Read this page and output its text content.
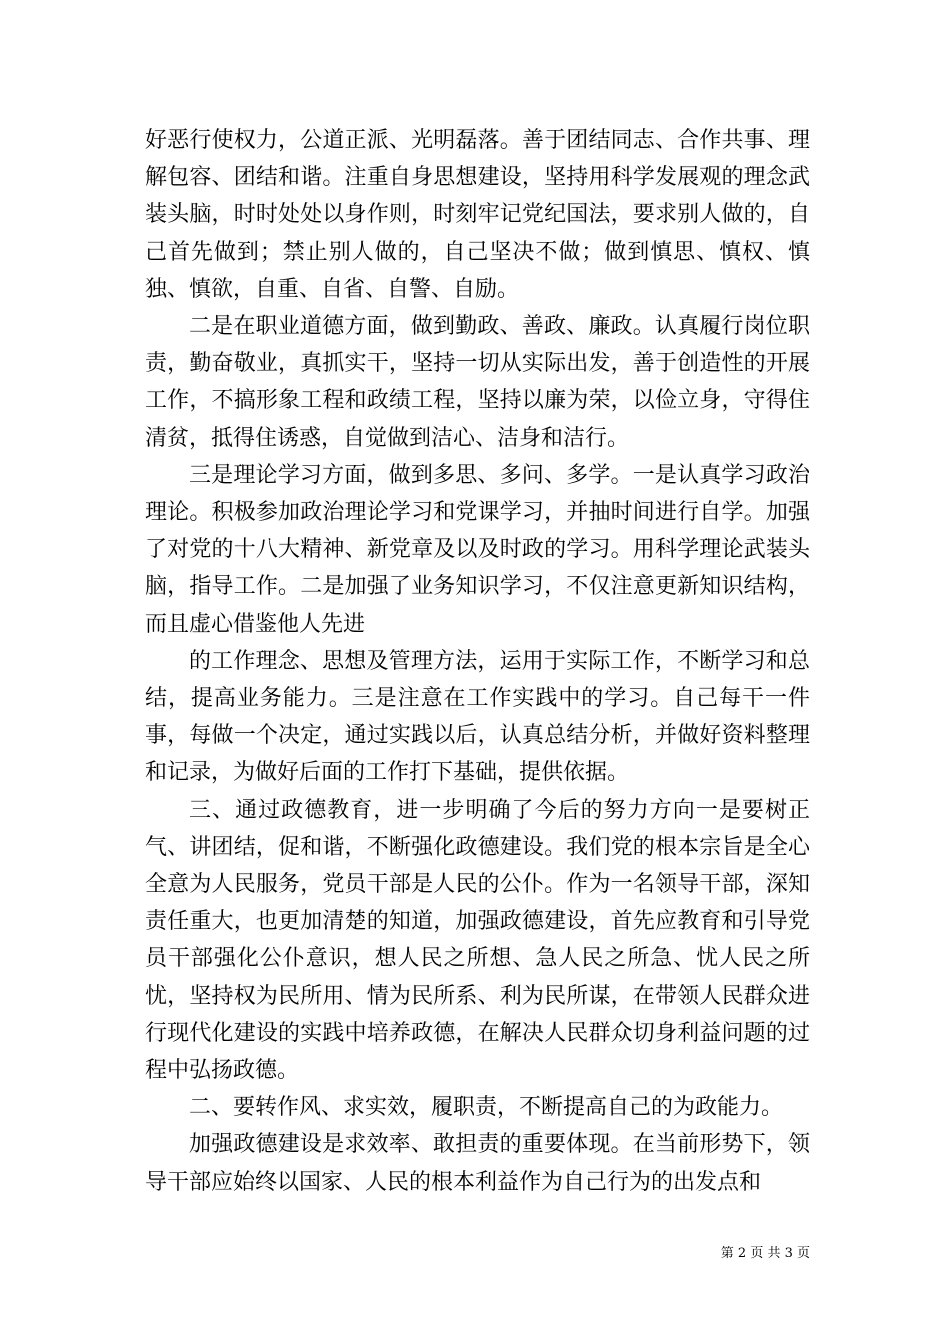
好恶行使权力，公道正派、光明磊落。善于团结同志、合作共事、理解包容、团结和谐。注重自身思想建设，坚持用科学发展观的理念武装头脑，时时处处以身作则，时刻牢记党纪国法，要求别人做的，自己首先做到；禁止别人做的，自己坚决不做；做到慎思、慎权、慎独、慎欲，自重、自省、自警、自励。

二是在职业道德方面，做到勤政、善政、廉政。认真履行岗位职责，勤奋敬业，真抓实干，坚持一切从实际出发，善于创造性的开展工作，不搞形象工程和政绩工程，坚持以廉为荣，以俭立身，守得住清贫，抵得住诱惑，自觉做到洁心、洁身和洁行。

三是理论学习方面，做到多思、多问、多学。一是认真学习政治理论。积极参加政治理论学习和党课学习，并抽时间进行自学。加强了对党的十八大精神、新党章及以及时政的学习。用科学理论武装头脑，指导工作。二是加强了业务知识学习，不仅注意更新知识结构，而且虚心借鉴他人先进

的工作理念、思想及管理方法，运用于实际工作，不断学习和总结，提高业务能力。三是注意在工作实践中的学习。自己每干一件事，每做一个决定，通过实践以后，认真总结分析，并做好资料整理和记录，为做好后面的工作打下基础，提供依据。

三、通过政德教育，进一步明确了今后的努力方向一是要树正气、讲团结，促和谐，不断强化政德建设。我们党的根本宗旨是全心全意为人民服务，党员干部是人民的公仆。作为一名领导干部，深知责任重大，也更加清楚的知道，加强政德建设，首先应教育和引导党员干部强化公仆意识，想人民之所想、急人民之所急、忧人民之所忧，坚持权为民所用、情为民所系、利为民所谋，在带领人民群众进行现代化建设的实践中培养政德，在解决人民群众切身利益问题的过程中弘扬政德。

二、要转作风、求实效，履职责，不断提高自己的为政能力。

加强政德建设是求效率、敢担责的重要体现。在当前形势下，领导干部应始终以国家、人民的根本利益作为自己行为的出发点和

第 2 页 共 3 页
